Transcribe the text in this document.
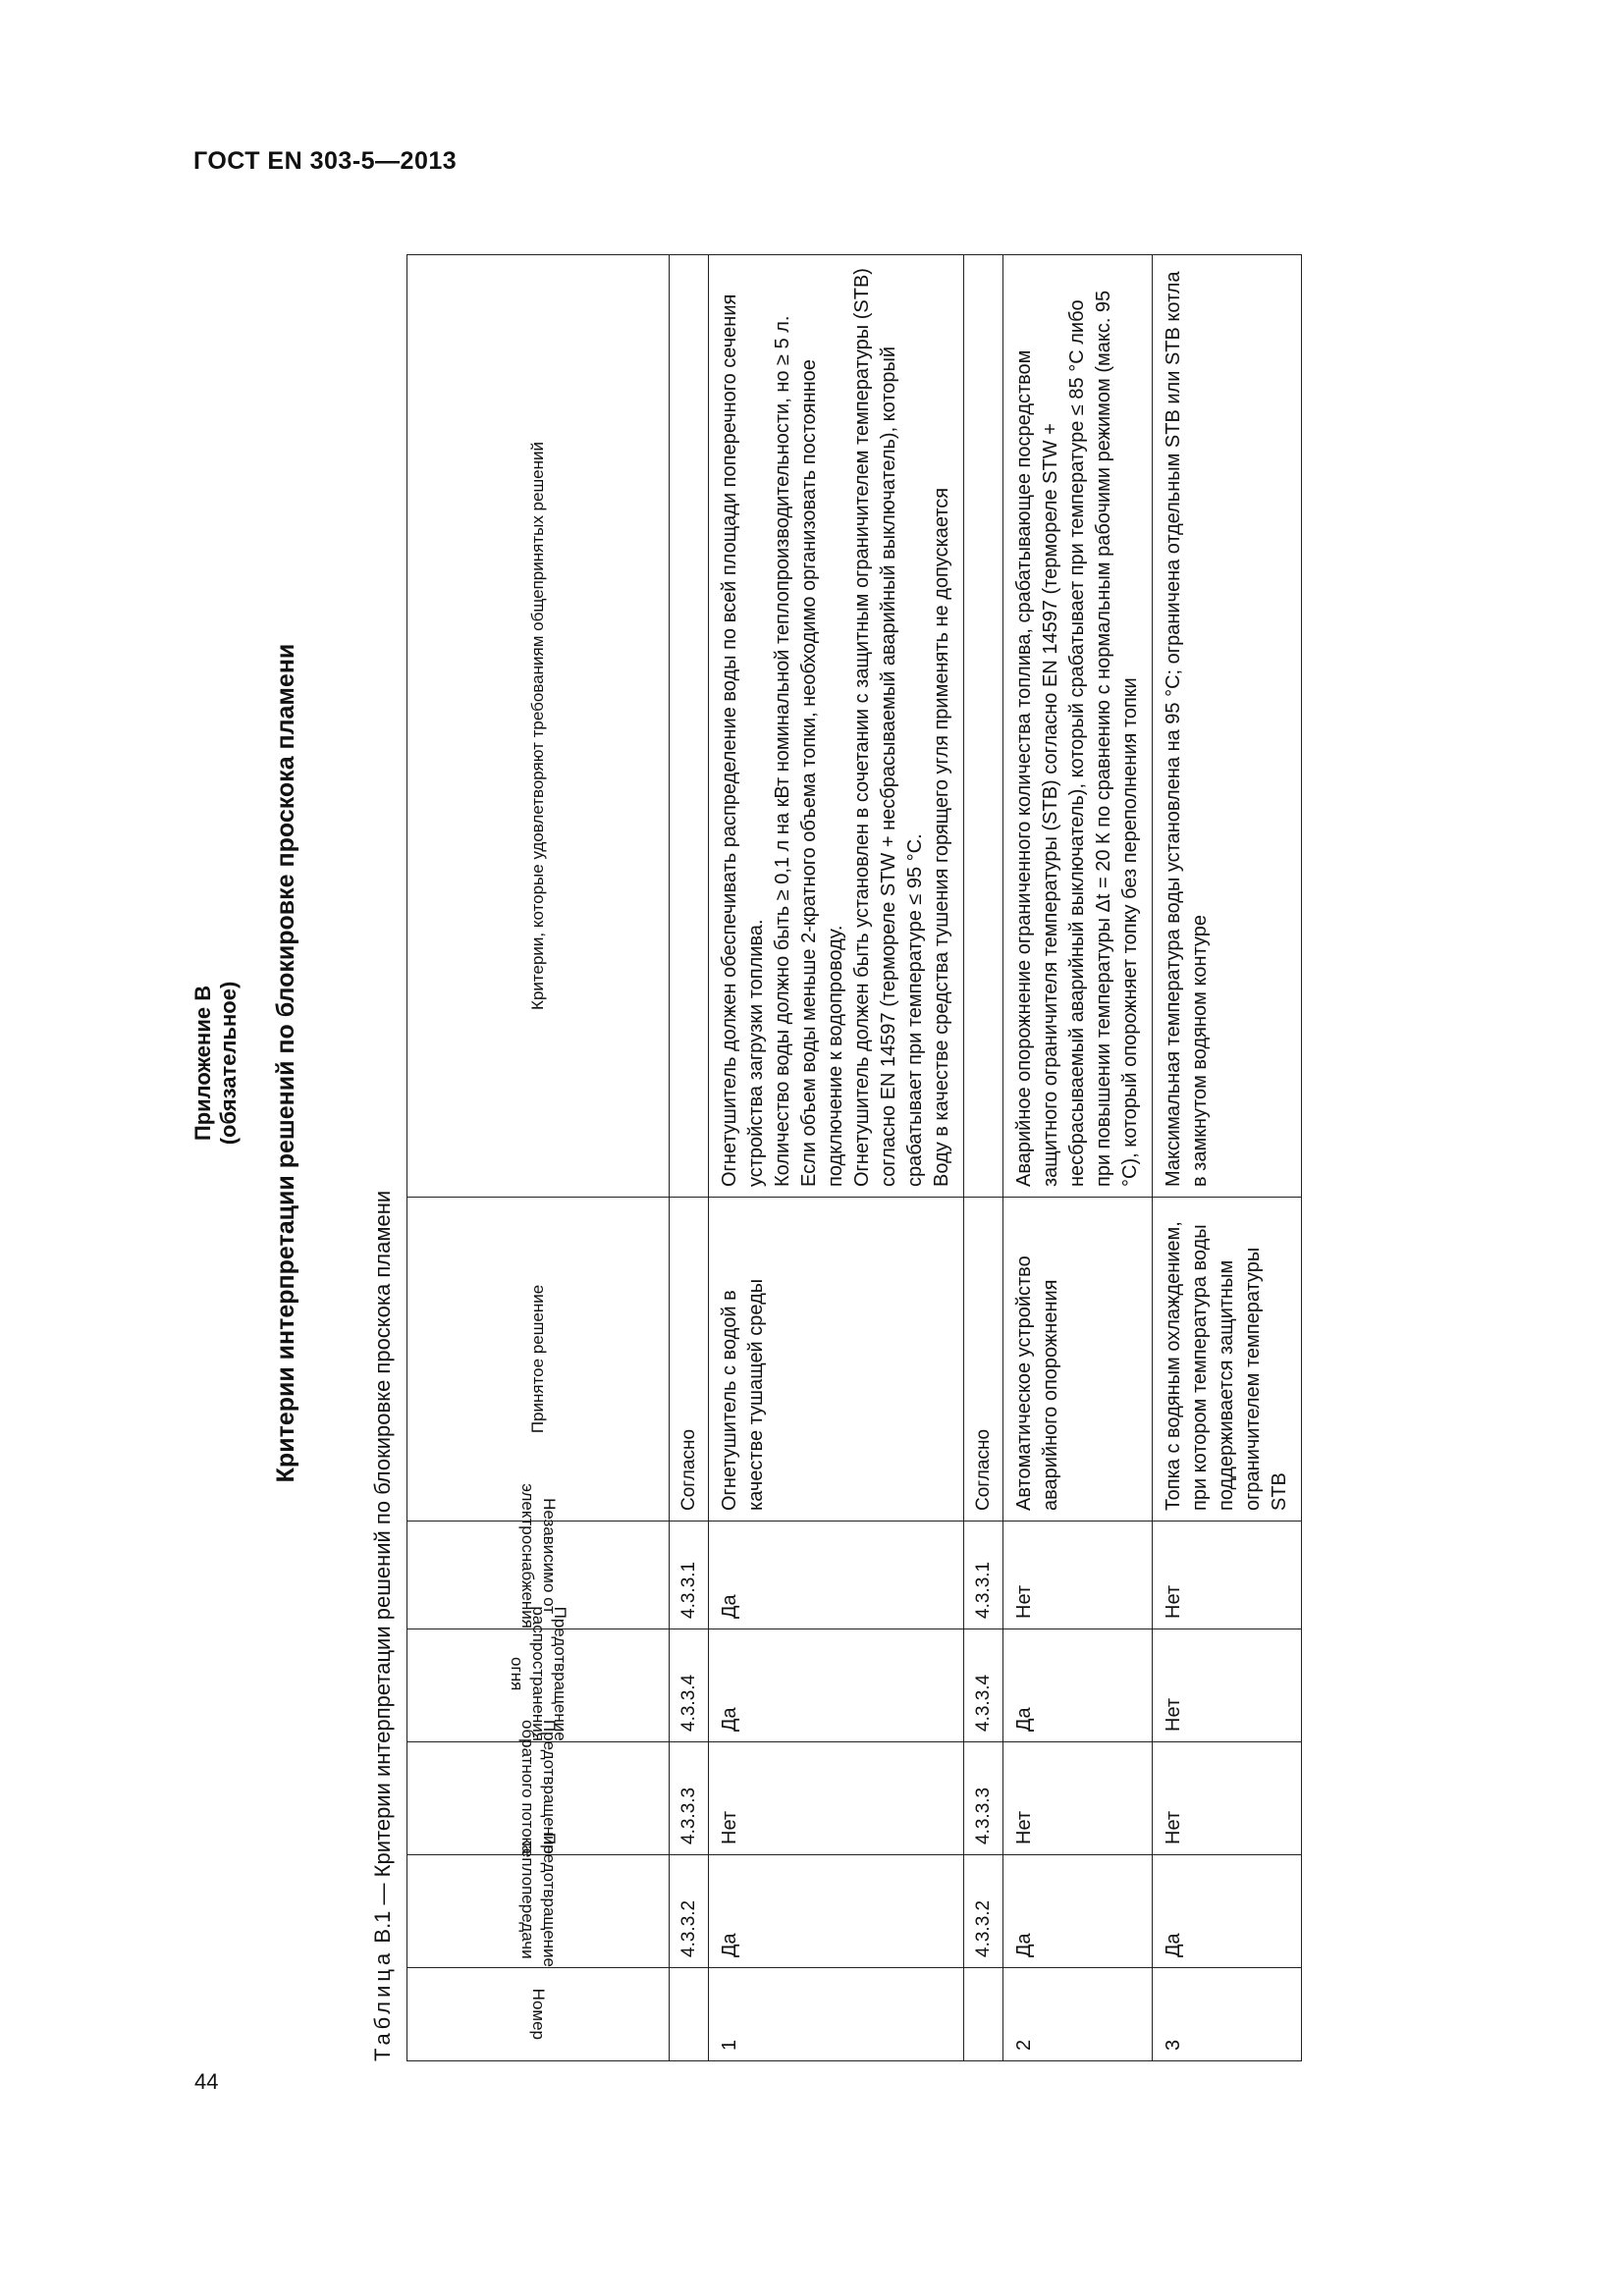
ГОСТ EN 303-5—2013
44
Приложение В (обязательное) Критерии интерпретации решений по блокировке проскока пламени
Таблица В.1 — Критерии интерпретации решений по блокировке проскока пламени
Номер	Предотвращение теплопередачи	Предотвращение обратного потока	Предотвращение распространения огня	Независимо от электроснабжения	Принятое решение	Критерии, которые удовлетворяют требованиям общепринятых решений
	4.3.3.2	4.3.3.3	4.3.3.4	4.3.3.1	Согласно	
1	Да	Нет	Да	Да	Огнетушитель с водой в качестве тушащей среды	Огнетушитель должен обеспечивать распределение воды по всей площади поперечного сечения устройства загрузки топлива. Количество воды должно быть ≥ 0,1 л на кВт номинальной теплопроизводительности, но ≥ 5 л. Если объем воды меньше 2-кратного объема топки, необходимо организовать постоянное подключение к водопроводу. Огнетушитель должен быть установлен в сочетании с защитным ограничителем температуры (STB) согласно EN 14597 (термореле STW + несбрасываемый аварийный выключатель), который срабатывает при температуре ≤ 95 °С. Воду в качестве средства тушения горящего угля применять не допускается

	4.3.3.2	4.3.3.3	4.3.3.4	4.3.3.1	Согласно	
2	Да	Нет	Да	Нет	Автоматическое устройство аварийного опорожнения	Аварийное опорожнение ограниченного количества топлива, срабатывающее посредством защитного ограничителя температуры (STB) согласно EN 14597 (термореле STW + несбрасываемый аварийный выключатель), который срабатывает при температуре ≤ 85 °С либо при повышении температуры Δt = 20 К по сравнению с нормальным рабочими режимом (макс. 95 °С), который опорожняет топку без переполнения топки

3	Да	Нет	Нет	Нет	Топка с водяным охлаждением, при котором температура воды поддерживается защитным ограничителем температуры STB	Максимальная температура воды установлена на 95 °С; ограничена отдельным STB или STB котла в замкнутом водяном контуре
